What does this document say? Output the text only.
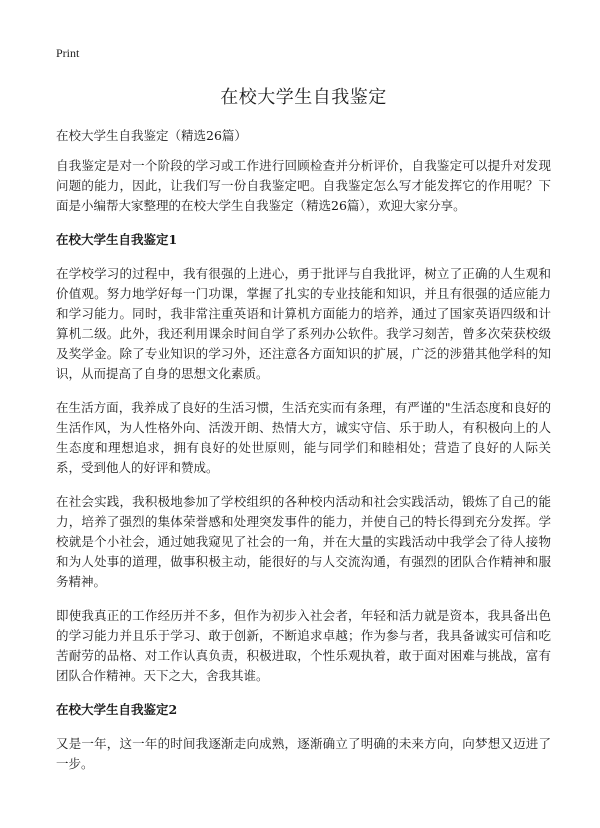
Print
在校大学生自我鉴定
在校大学生自我鉴定（精选26篇）

自我鉴定是对一个阶段的学习或工作进行回顾检查并分析评价，自我鉴定可以提升对发现问题的能力，因此，让我们写一份自我鉴定吧。自我鉴定怎么写才能发挥它的作用呢？下面是小编帮大家整理的在校大学生自我鉴定（精选26篇），欢迎大家分享。

在校大学生自我鉴定1

在学校学习的过程中，我有很强的上进心，勇于批评与自我批评，树立了正确的人生观和价值观。努力地学好每一门功课，掌握了扎实的专业技能和知识，并且有很强的适应能力和学习能力。同时，我非常注重英语和计算机方面能力的培养，通过了国家英语四级和计算机二级。此外，我还利用课余时间自学了系列办公软件。我学习刻苦，曾多次荣获校级及奖学金。除了专业知识的学习外，还注意各方面知识的扩展，广泛的涉猎其他学科的知识，从而提高了自身的思想文化素质。

在生活方面，我养成了良好的生活习惯，生活充实而有条理，有严谨的"生活态度和良好的生活作风，为人性格外向、活泼开朗、热情大方，诚实守信、乐于助人，有积极向上的人生态度和理想追求，拥有良好的处世原则，能与同学们和睦相处；营造了良好的人际关系，受到他人的好评和赞成。

在社会实践，我积极地参加了学校组织的各种校内活动和社会实践活动，锻炼了自己的能力，培养了强烈的集体荣誉感和处理突发事件的能力，并使自己的特长得到充分发挥。学校就是个小社会，通过她我窥见了社会的一角，并在大量的实践活动中我学会了待人接物和为人处事的道理，做事积极主动，能很好的与人交流沟通，有强烈的团队合作精神和服务精神。

即使我真正的工作经历并不多，但作为初步入社会者，年轻和活力就是资本，我具备出色的学习能力并且乐于学习、敢于创新，不断追求卓越；作为参与者，我具备诚实可信和吃苦耐劳的品格、对工作认真负责，积极进取，个性乐观执着，敢于面对困难与挑战，富有团队合作精神。天下之大，舍我其谁。

在校大学生自我鉴定2

又是一年，这一年的时间我逐渐走向成熟，逐渐确立了明确的未来方向，向梦想又迈进了一步。
